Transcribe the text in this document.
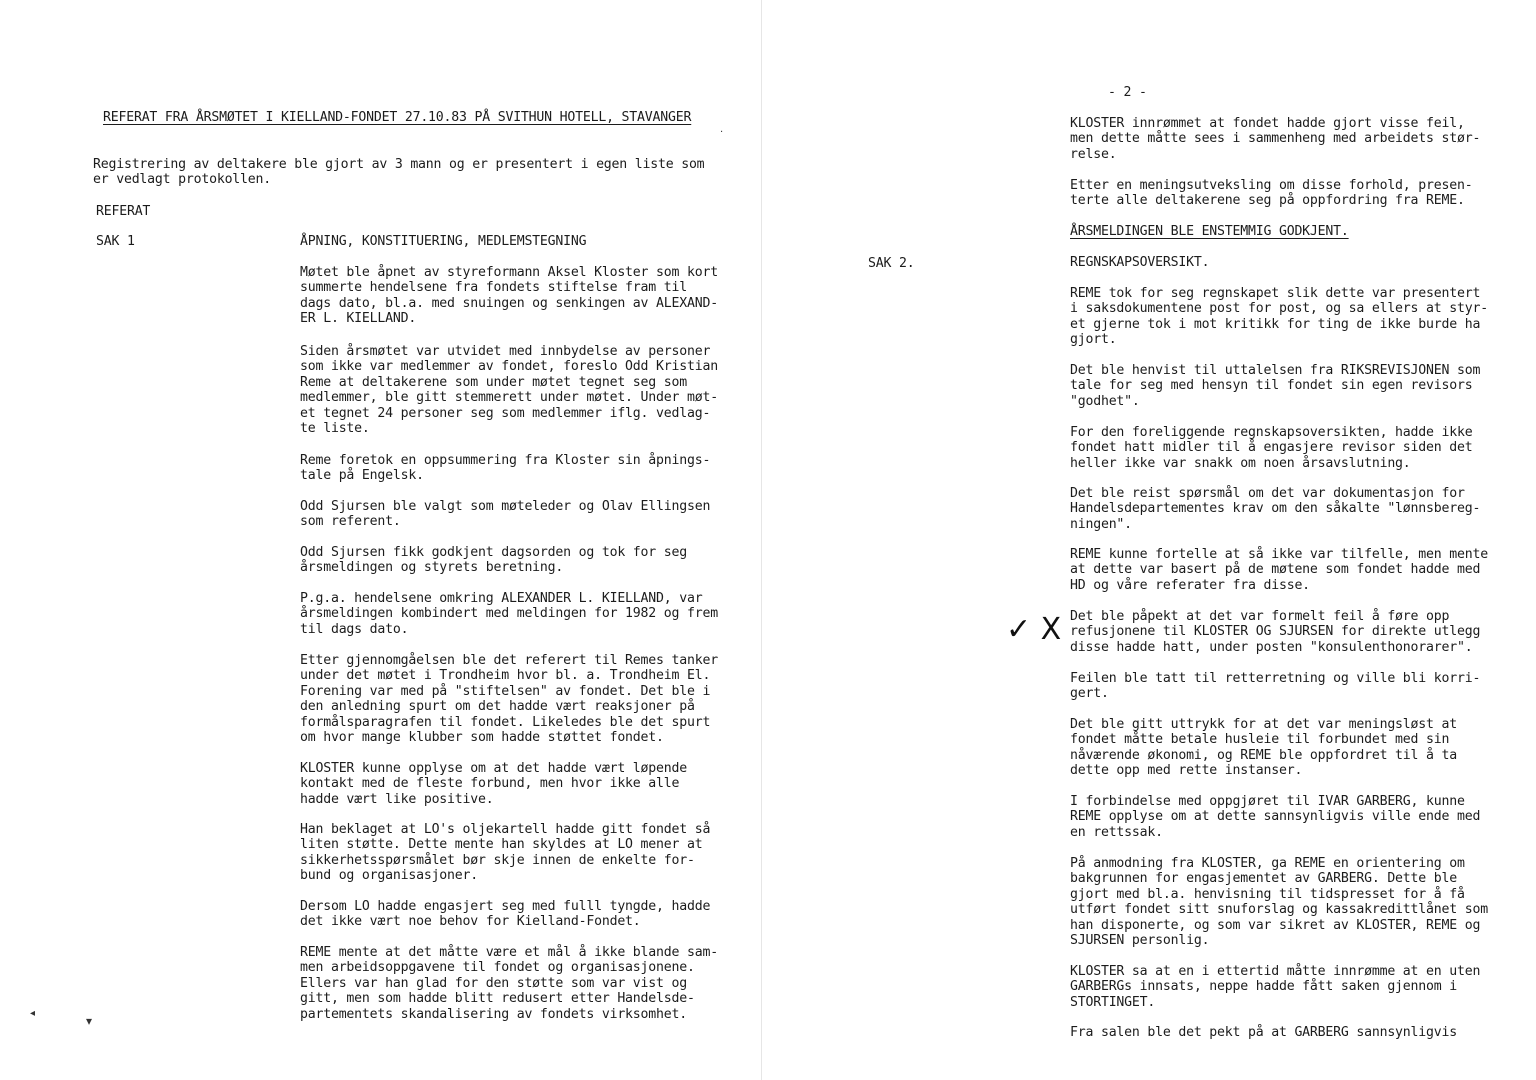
REFERAT FRA ÅRSMØTET I KIELLAND-FONDET 27.10.83 PÅ SVITHUN HOTELL, STAVANGER

Registrering av deltakere ble gjort av 3 mann og er presentert i egen liste som
er vedlagt protokollen.

REFERAT

SAK 1	ÅPNING, KONSTITUERING, MEDLEMSTEGNING

Møtet ble åpnet av styreformann Aksel Kloster som kort
summerte hendelsene fra fondets stiftelse fram til
dags dato, bl.a. med snuingen og senkingen av ALEXAND-
ER L. KIELLAND.

Siden årsmøtet var utvidet med innbydelse av personer
som ikke var medlemmer av fondet, foreslo Odd Kristian
Reme at deltakerene som under møtet tegnet seg som
medlemmer, ble gitt stemmerett under møtet. Under møt-
et tegnet 24 personer seg som medlemmer iflg. vedlag-
te liste.

Reme foretok en oppsummering fra Kloster sin åpnings-
tale på Engelsk.

Odd Sjursen ble valgt som møteleder og Olav Ellingsen
som referent.

Odd Sjursen fikk godkjent dagsorden og tok for seg
årsmeldingen og styrets beretning.

P.g.a. hendelsene omkring ALEXANDER L. KIELLAND, var
årsmeldingen kombindert med meldingen for 1982 og frem
til dags dato.

Etter gjennomgåelsen ble det referert til Remes tanker
under det møtet i Trondheim hvor bl. a. Trondheim El.
Forening var med på "stiftelsen" av fondet. Det ble i
den anledning spurt om det hadde vært reaksjoner på
formålsparagrafen til fondet. Likeledes ble det spurt
om hvor mange klubber som hadde støttet fondet.

KLOSTER kunne opplyse om at det hadde vært løpende
kontakt med de fleste forbund, men hvor ikke alle
hadde vært like positive.

Han beklaget at LO's oljekartell hadde gitt fondet så
liten støtte. Dette mente han skyldes at LO mener at
sikkerhetsspørsmålet bør skje innen de enkelte for-
bund og organisasjoner.

Dersom LO hadde engasjert seg med fulll tyngde, hadde
det ikke vært noe behov for Kielland-Fondet.

REME mente at det måtte være et mål å ikke blande sam-
men arbeidsoppgavene til fondet og organisasjonene.
Ellers var han glad for den støtte som var vist og
gitt, men som hadde blitt redusert etter Handelsde-
partementets skandalisering av fondets virksomhet.

◂
▾
.

- 2 -

KLOSTER innrømmet at fondet hadde gjort visse feil,
men dette måtte sees i sammenheng med arbeidets stør-
relse.

Etter en meningsutveksling om disse forhold, presen-
terte alle deltakerene seg på oppfordring fra REME.

ÅRSMELDINGEN BLE ENSTEMMIG GODKJENT.

SAK 2.	REGNSKAPSOVERSIKT.

REME tok for seg regnskapet slik dette var presentert
i saksdokumentene post for post, og sa ellers at styr-
et gjerne tok i mot kritikk for ting de ikke burde ha
gjort.

Det ble henvist til uttalelsen fra RIKSREVISJONEN som
tale for seg med hensyn til fondet sin egen revisors
"godhet".

For den foreliggende regnskapsoversikten, hadde ikke
fondet hatt midler til å engasjere revisor siden det
heller ikke var snakk om noen årsavslutning.

Det ble reist spørsmål om det var dokumentasjon for
Handelsdepartementes krav om den såkalte "lønnsbereg-
ningen".

REME kunne fortelle at så ikke var tilfelle, men mente
at dette var basert på de møtene som fondet hadde med
HD og våre referater fra disse.

Det ble påpekt at det var formelt feil å føre opp
refusjonene til KLOSTER OG SJURSEN for direkte utlegg
disse hadde hatt, under posten "konsulenthonorarer".

Feilen ble tatt til retterretning og ville bli korri-
gert.

Det ble gitt uttrykk for at det var meningsløst at
fondet måtte betale husleie til forbundet med sin
nåværende økonomi, og REME ble oppfordret til å ta
dette opp med rette instanser.

I forbindelse med oppgjøret til IVAR GARBERG, kunne
REME opplyse om at dette sannsynligvis ville ende med
en rettssak.

På anmodning fra KLOSTER, ga REME en orientering om
bakgrunnen for engasjementet av GARBERG. Dette ble
gjort med bl.a. henvisning til tidspresset for å få
utført fondet sitt snuforslag og kassakredittlånet som
han disponerte, og som var sikret av KLOSTER, REME og
SJURSEN personlig.

KLOSTER sa at en i ettertid måtte innrømme at en uten
GARBERGs innsats, neppe hadde fått saken gjennom i
STORTINGET.

Fra salen ble det pekt på at GARBERG sannsynligvis

✓ X
